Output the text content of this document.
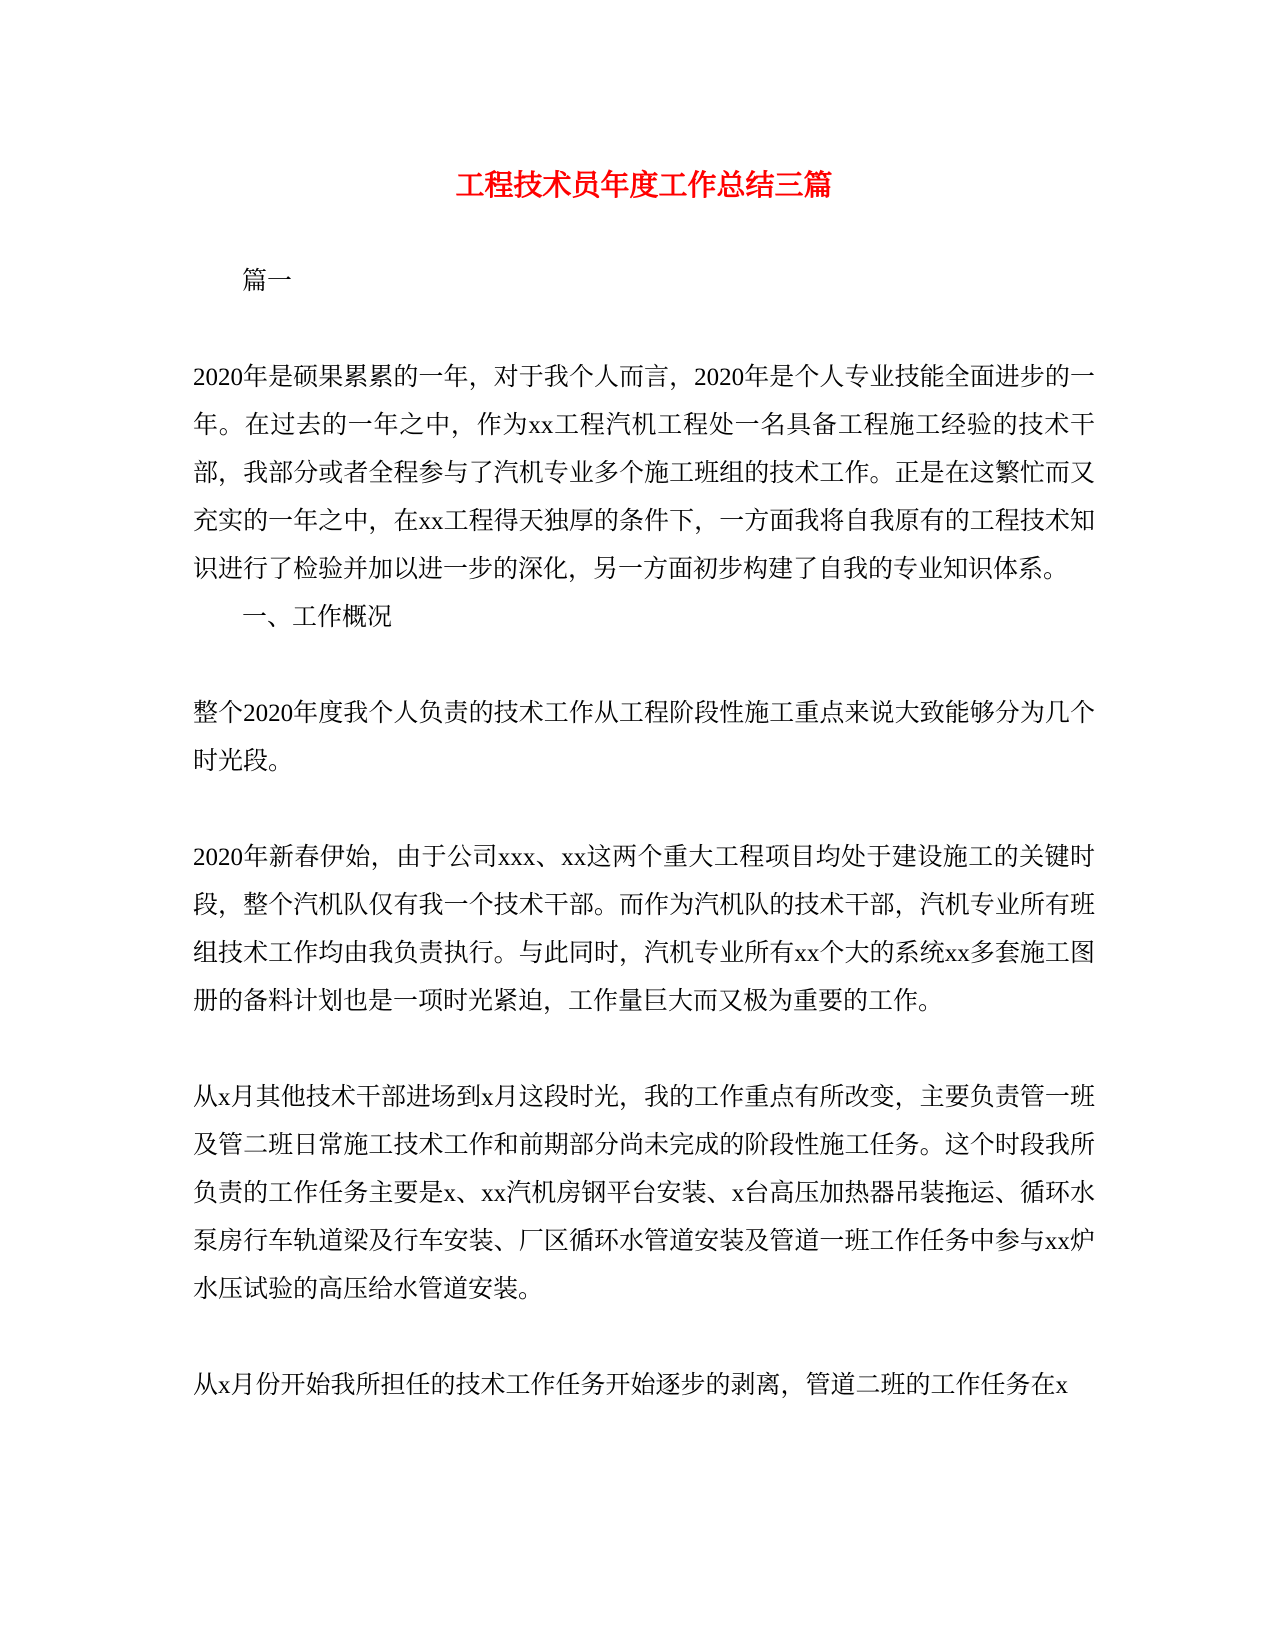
工程技术员年度工作总结三篇
篇一
2020年是硕果累累的一年，对于我个人而言，2020年是个人专业技能全面进步的一年。在过去的一年之中，作为xx工程汽机工程处一名具备工程施工经验的技术干部，我部分或者全程参与了汽机专业多个施工班组的技术工作。正是在这繁忙而又充实的一年之中，在xx工程得天独厚的条件下，一方面我将自我原有的工程技术知识进行了检验并加以进一步的深化，另一方面初步构建了自我的专业知识体系。
一、工作概况
整个2020年度我个人负责的技术工作从工程阶段性施工重点来说大致能够分为几个时光段。
2020年新春伊始，由于公司xxx、xx这两个重大工程项目均处于建设施工的关键时段，整个汽机队仅有我一个技术干部。而作为汽机队的技术干部，汽机专业所有班组技术工作均由我负责执行。与此同时，汽机专业所有xx个大的系统xx多套施工图册的备料计划也是一项时光紧迫，工作量巨大而又极为重要的工作。
从x月其他技术干部进场到x月这段时光，我的工作重点有所改变，主要负责管一班及管二班日常施工技术工作和前期部分尚未完成的阶段性施工任务。这个时段我所负责的工作任务主要是x、xx汽机房钢平台安装、x台高压加热器吊装拖运、循环水泵房行车轨道梁及行车安装、厂区循环水管道安装及管道一班工作任务中参与xx炉水压试验的高压给水管道安装。
从x月份开始我所担任的技术工作任务开始逐步的剥离，管道二班的工作任务在x
